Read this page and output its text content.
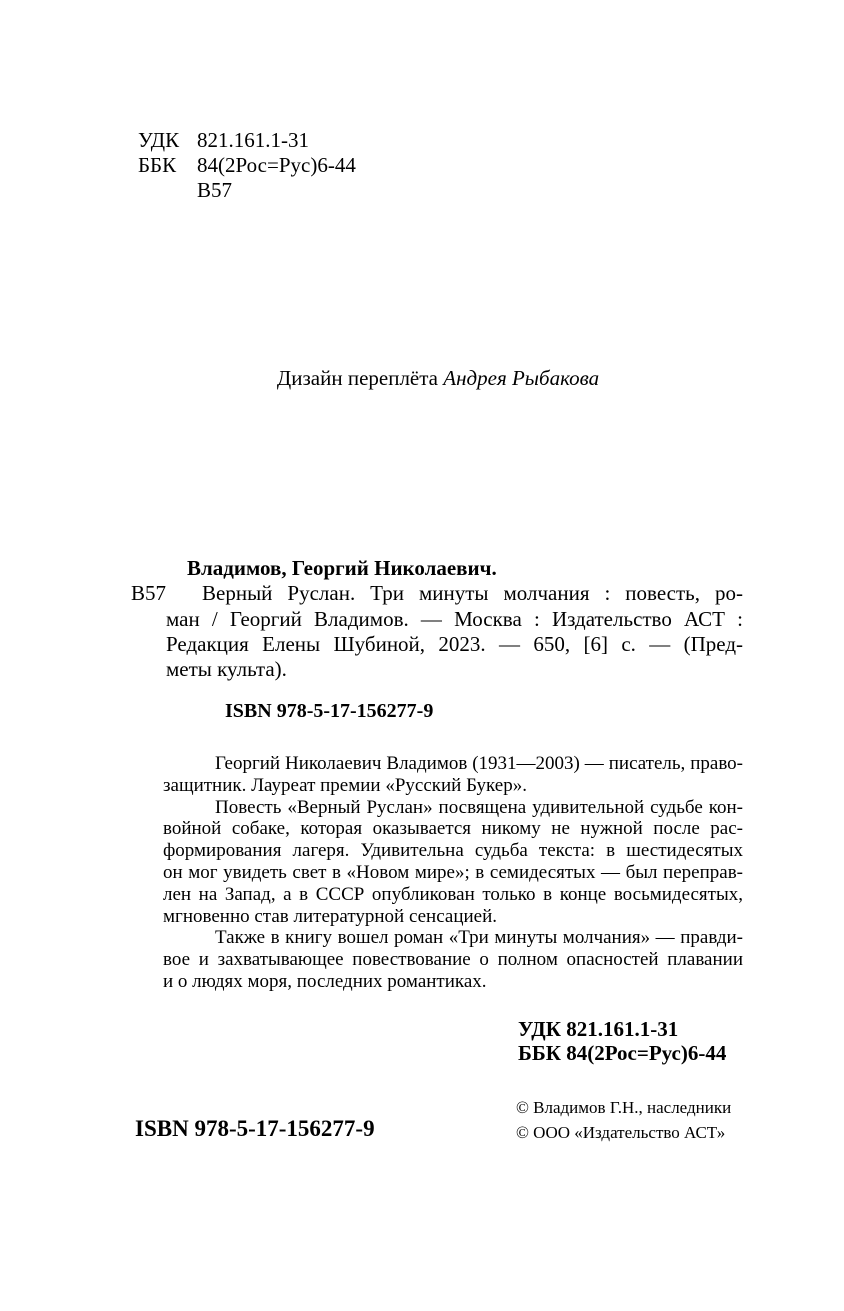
УДК 821.161.1-31
ББК 84(2Рос=Рус)6-44
В57
Дизайн переплёта Андрея Рыбакова
В57
Владимов, Георгий Николаевич.
Верный Руслан. Три минуты молчания : повесть, ро-
ман / Георгий Владимов. — Москва : Издательство АСТ :
Редакция Елены Шубиной, 2023. — 650, [6] с. — (Пред-
меты культа).
ISBN 978-5-17-156277-9
Георгий Николаевич Владимов (1931—2003) — писатель, право-
защитник. Лауреат премии «Русский Букер».
Повесть «Верный Руслан» посвящена удивительной судьбе кон-
войной собаке, которая оказывается никому не нужной после рас-
формирования лагеря. Удивительна судьба текста: в шестидесятых
он мог увидеть свет в «Новом мире»; в семидесятых — был переправ-
лен на Запад, а в СССР опубликован только в конце восьмидесятых,
мгновенно став литературной сенсацией.
Также в книгу вошел роман «Три минуты молчания» — правди-
вое и захватывающее повествование о полном опасностей плавании
и о людях моря, последних романтиках.
УДК 821.161.1-31
ББК 84(2Рос=Рус)6-44
© Владимов Г.Н., наследники
© ООО «Издательство АСТ»
ISBN 978-5-17-156277-9
